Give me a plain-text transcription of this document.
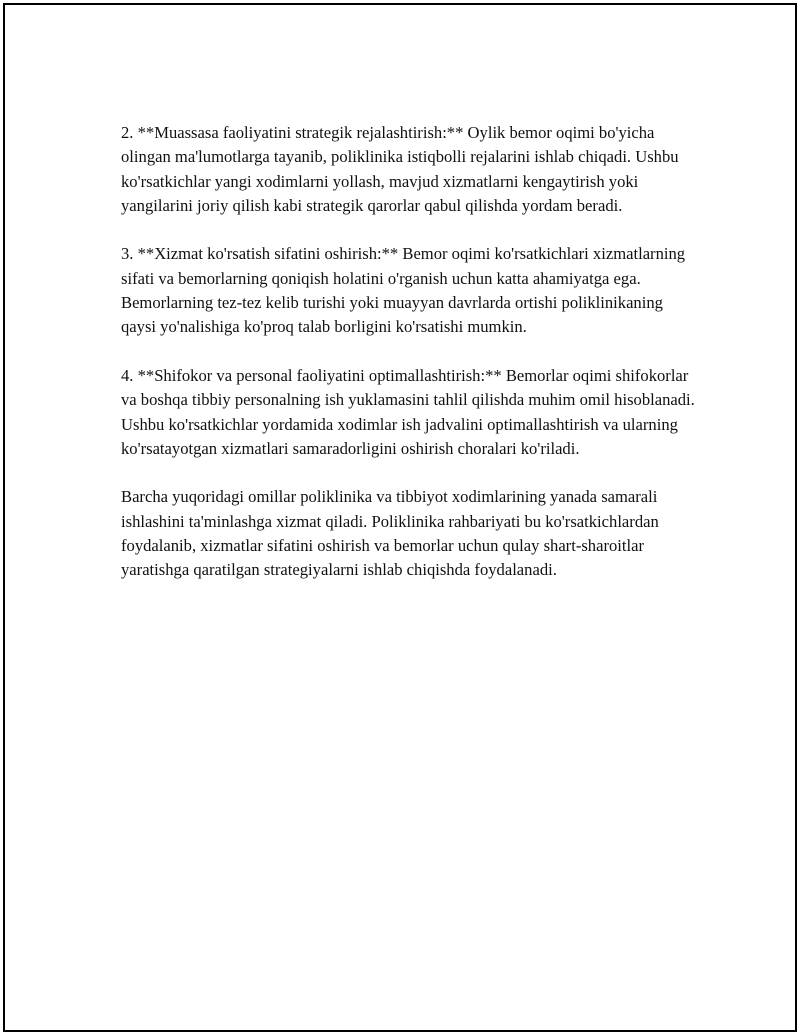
2. **Muassasa faoliyatini strategik rejalashtirish:** Oylik bemor oqimi bo'yicha olingan ma'lumotlarga tayanib, poliklinika istiqbolli rejalarini ishlab chiqadi. Ushbu ko'rsatkichlar yangi xodimlarni yollash, mavjud xizmatlarni kengaytirish yoki yangilarini joriy qilish kabi strategik qarorlar qabul qilishda yordam beradi.

3. **Xizmat ko'rsatish sifatini oshirish:** Bemor oqimi ko'rsatkichlari xizmatlarning sifati va bemorlarning qoniqish holatini o'rganish uchun katta ahamiyatga ega. Bemorlarning tez-tez kelib turishi yoki muayyan davrlarda ortishi poliklinikaning qaysi yo'nalishiga ko'proq talab borligini ko'rsatishi mumkin.

4. **Shifokor va personal faoliyatini optimallashtirish:** Bemorlar oqimi shifokorlar va boshqa tibbiy personalning ish yuklamasini tahlil qilishda muhim omil hisoblanadi. Ushbu ko'rsatkichlar yordamida xodimlar ish jadvalini optimallashtirish va ularning ko'rsatayotgan xizmatlari samaradorligini oshirish choralari ko'riladi.

Barcha yuqoridagi omillar poliklinika va tibbiyot xodimlarining yanada samarali ishlashini ta'minlashga xizmat qiladi. Poliklinika rahbariyati bu ko'rsatkichlardan foydalanib, xizmatlar sifatini oshirish va bemorlar uchun qulay shart-sharoitlar yaratishga qaratilgan strategiyalarni ishlab chiqishda foydalanadi.
